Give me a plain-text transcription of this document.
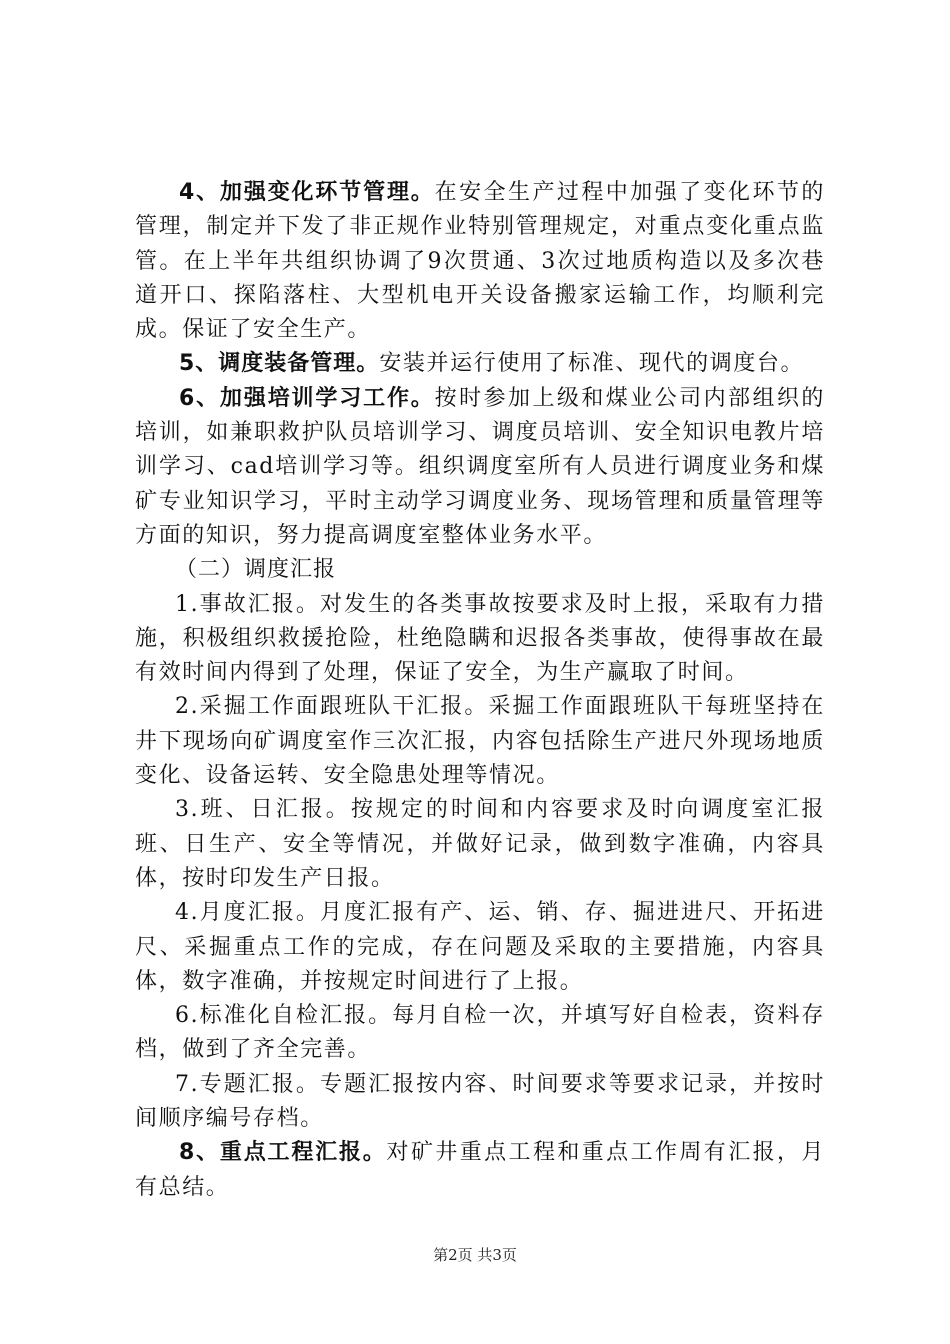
4、加强变化环节管理。在安全生产过程中加强了变化环节的管理，制定并下发了非正规作业特别管理规定，对重点变化重点监管。在上半年共组织协调了9次贯通、3次过地质构造以及多次巷道开口、探陷落柱、大型机电开关设备搬家运输工作，均顺利完成。保证了安全生产。

5、调度装备管理。安装并运行使用了标准、现代的调度台。

6、加强培训学习工作。按时参加上级和煤业公司内部组织的培训，如兼职救护队员培训学习、调度员培训、安全知识电教片培训学习、cad培训学习等。组织调度室所有人员进行调度业务和煤矿专业知识学习，平时主动学习调度业务、现场管理和质量管理等方面的知识，努力提高调度室整体业务水平。

（二）调度汇报

1.事故汇报。对发生的各类事故按要求及时上报，采取有力措施，积极组织救援抢险，杜绝隐瞒和迟报各类事故，使得事故在最有效时间内得到了处理，保证了安全，为生产赢取了时间。

2.采掘工作面跟班队干汇报。采掘工作面跟班队干每班坚持在井下现场向矿调度室作三次汇报，内容包括除生产进尺外现场地质变化、设备运转、安全隐患处理等情况。

3.班、日汇报。按规定的时间和内容要求及时向调度室汇报班、日生产、安全等情况，并做好记录，做到数字准确，内容具体，按时印发生产日报。

4.月度汇报。月度汇报有产、运、销、存、掘进进尺、开拓进尺、采掘重点工作的完成，存在问题及采取的主要措施，内容具体，数字准确，并按规定时间进行了上报。

6.标准化自检汇报。每月自检一次，并填写好自检表，资料存档，做到了齐全完善。

7.专题汇报。专题汇报按内容、时间要求等要求记录，并按时间顺序编号存档。

8、重点工程汇报。对矿井重点工程和重点工作周有汇报，月有总结。

第2页 共3页
